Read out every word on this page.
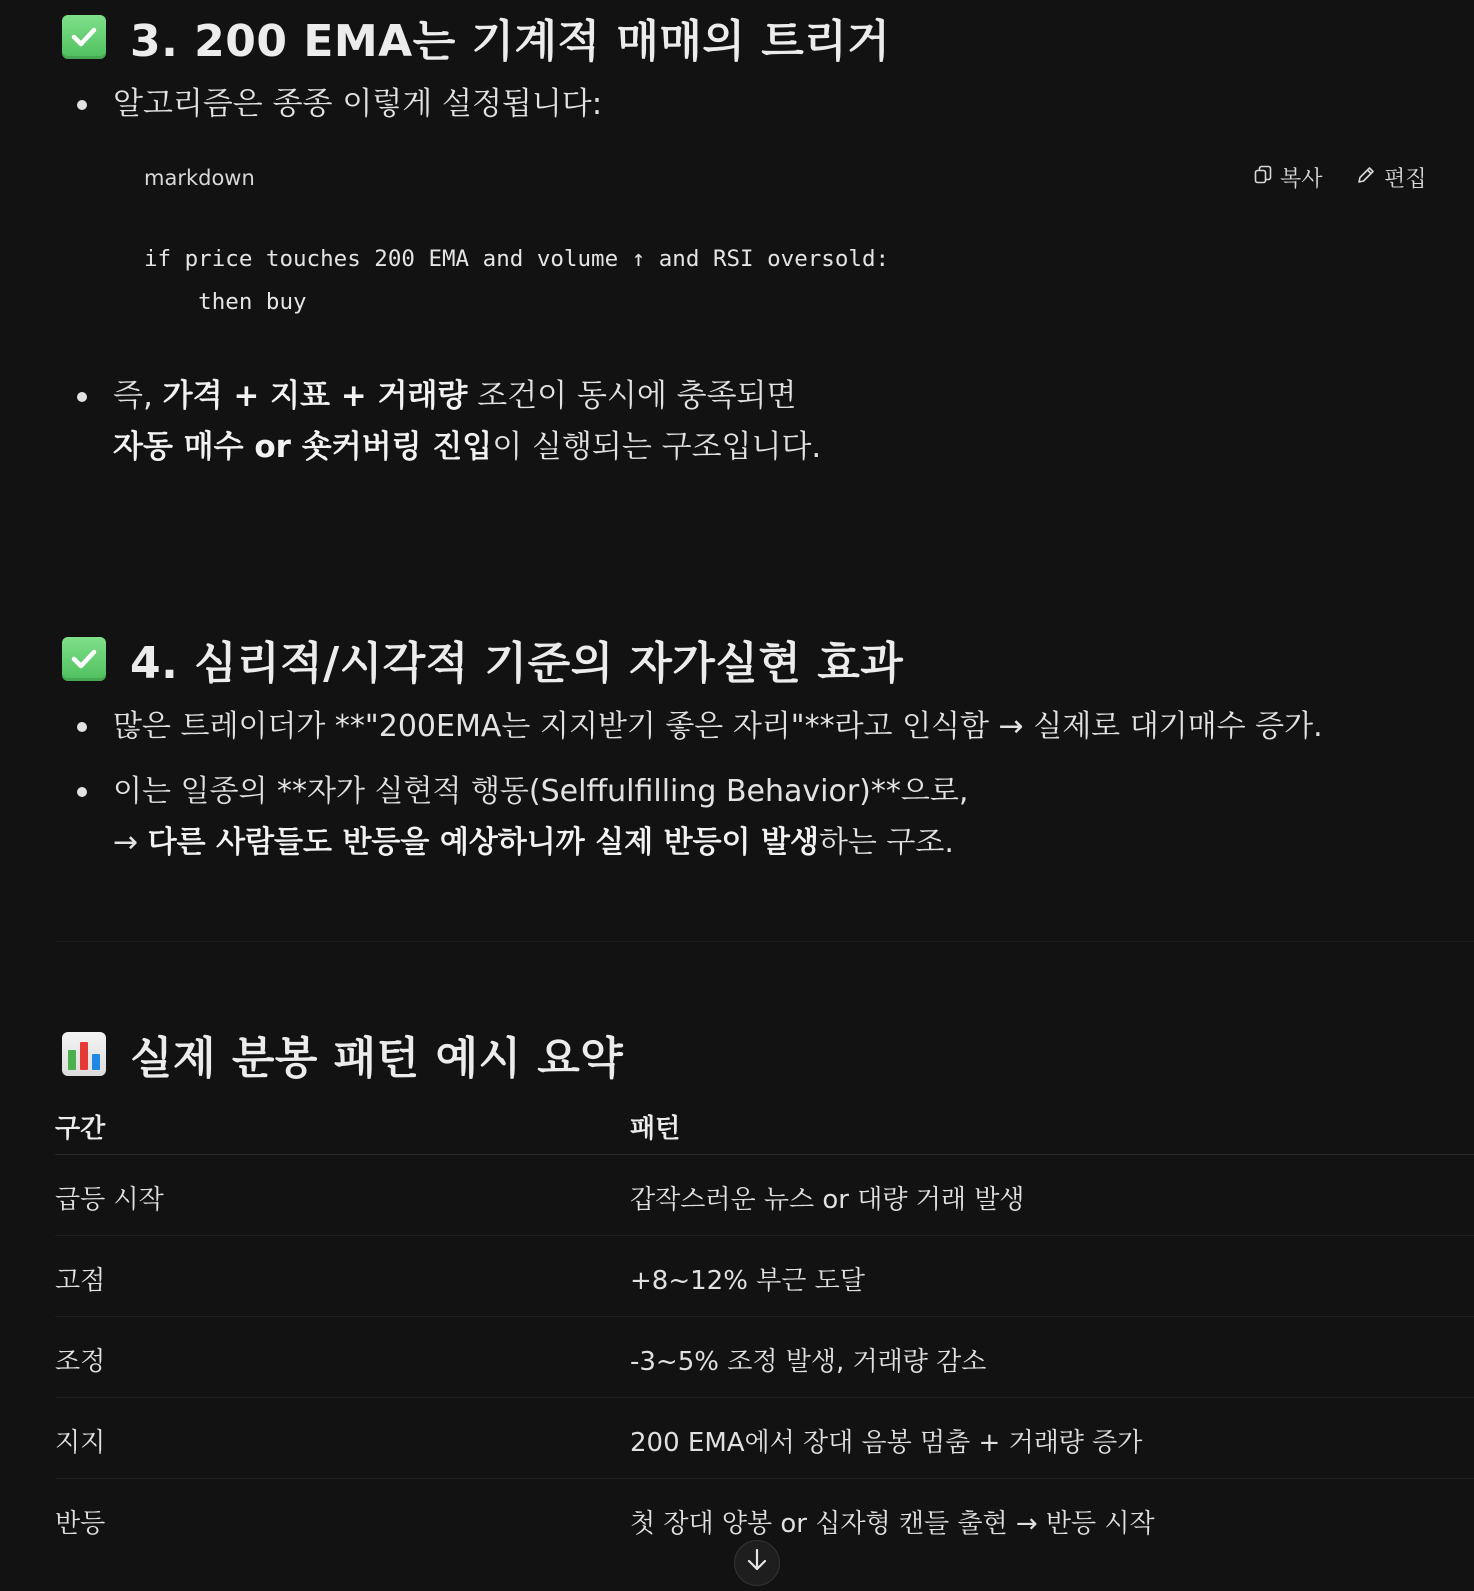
3. 200 EMA는 기계적 매매의 트리거
알고리즘은 종종 이렇게 설정됩니다:
markdown	복사	편집
if price touches 200 EMA and volume ↑ and RSI oversold:
then buy
즉, 가격 + 지표 + 거래량 조건이 동시에 충족되면
자동 매수 or 숏커버링 진입이 실행되는 구조입니다.
4. 심리적/시각적 기준의 자가실현 효과
많은 트레이더가 **"200EMA는 지지받기 좋은 자리"**라고 인식함 → 실제로 대기매수 증가.
이는 일종의 **자가 실현적 행동(Selffulfilling Behavior)**으로,
→ 다른 사람들도 반등을 예상하니까 실제 반등이 발생하는 구조.
실제 분봉 패턴 예시 요약
구간	패턴
급등 시작	갑작스러운 뉴스 or 대량 거래 발생
고점	+8~12% 부근 도달
조정	-3~5% 조정 발생, 거래량 감소
지지	200 EMA에서 장대 음봉 멈춤 + 거래량 증가
반등	첫 장대 양봉 or 십자형 캔들 출현 → 반등 시작
